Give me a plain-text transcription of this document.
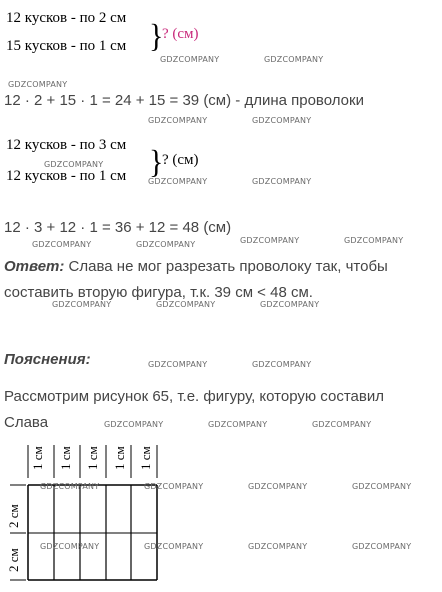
12 кусков - по 2 см
15 кусков - по 1 см }
? (см)
12 · 2 + 15 · 1 = 24 + 15 = 39 (см) - длина проволоки
12 кусков - по 3 см
12 кусков - по 1 см }
? (см)
12 · 3 + 12 · 1 = 36 + 12 = 48 (см)
Ответ: Слава не мог разрезать проволоку так, чтобы
составить вторую фигура, т.к. 39 см < 48 см.
Пояснения:
Рассмотрим рисунок 65, т.е. фигуру, которую составил
Слава
1 см 1 см 1 см 1 см 1 см
2 см
2 см
GDZCOMPANY	GDZCOMPANY
GDZCOMPANY
GDZCOMPANY	GDZCOMPANY
GDZCOMPANY
GDZCOMPANY	GDZCOMPANY
GDZCOMPANY	GDZCOMPANY	GDZCOMPANY	GDZCOMPANY
GDZCOMPANY	GDZCOMPANY	GDZCOMPANY
GDZCOMPANY	GDZCOMPANY
GDZCOMPANY	GDZCOMPANY	GDZCOMPANY
GDZCOMPANY	GDZCOMPANY	GDZCOMPANY	GDZCOMPANY
GDZCOMPANY	GDZCOMPANY	GDZCOMPANY	GDZCOMPANY
